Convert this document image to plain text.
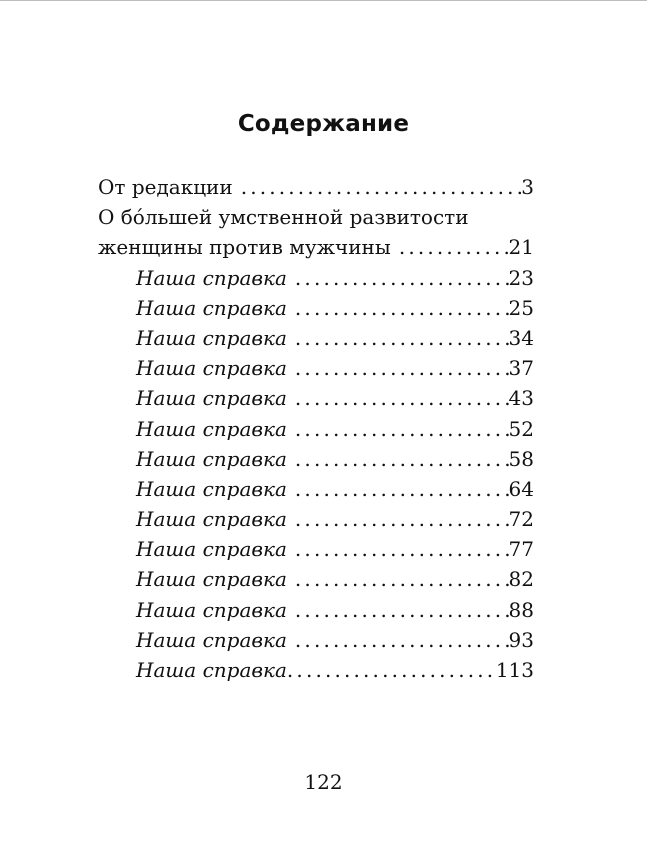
Содержание
От редакции . . .	3
О бóльшей умственной развитости
женщины против мужчины . . .	21
Наша справка . . .	23
Наша справка . . .	25
Наша справка . . .	34
Наша справка . . .	37
Наша справка . . .	43
Наша справка . . .	52
Наша справка . . .	58
Наша справка . . .	64
Наша справка . . .	72
Наша справка . . .	77
Наша справка . . .	82
Наша справка . . .	88
Наша справка . . .	93
Наша справка . . .	113
122
